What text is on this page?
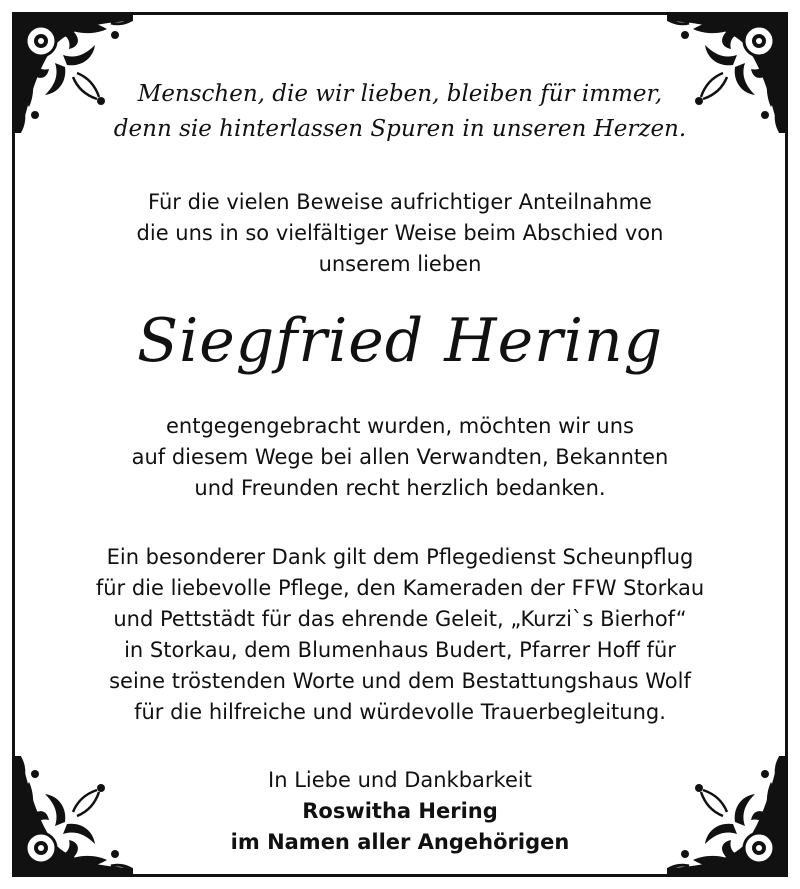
Menschen, die wir lieben, bleiben für immer,
denn sie hinterlassen Spuren in unseren Herzen.
Für die vielen Beweise aufrichtiger Anteilnahme
die uns in so vielfältiger Weise beim Abschied von
unserem lieben
Siegfried Hering
entgegengebracht wurden, möchten wir uns
auf diesem Wege bei allen Verwandten, Bekannten
und Freunden recht herzlich bedanken.
Ein besonderer Dank gilt dem Pflegedienst Scheunpflug
für die liebevolle Pflege, den Kameraden der FFW Storkau
und Pettstädt für das ehrende Geleit, „Kurzi`s Bierhof“
in Storkau, dem Blumenhaus Budert, Pfarrer Hoff für
seine tröstenden Worte und dem Bestattungshaus Wolf
für die hilfreiche und würdevolle Trauerbegleitung.
In Liebe und Dankbarkeit
Roswitha Hering
im Namen aller Angehörigen
